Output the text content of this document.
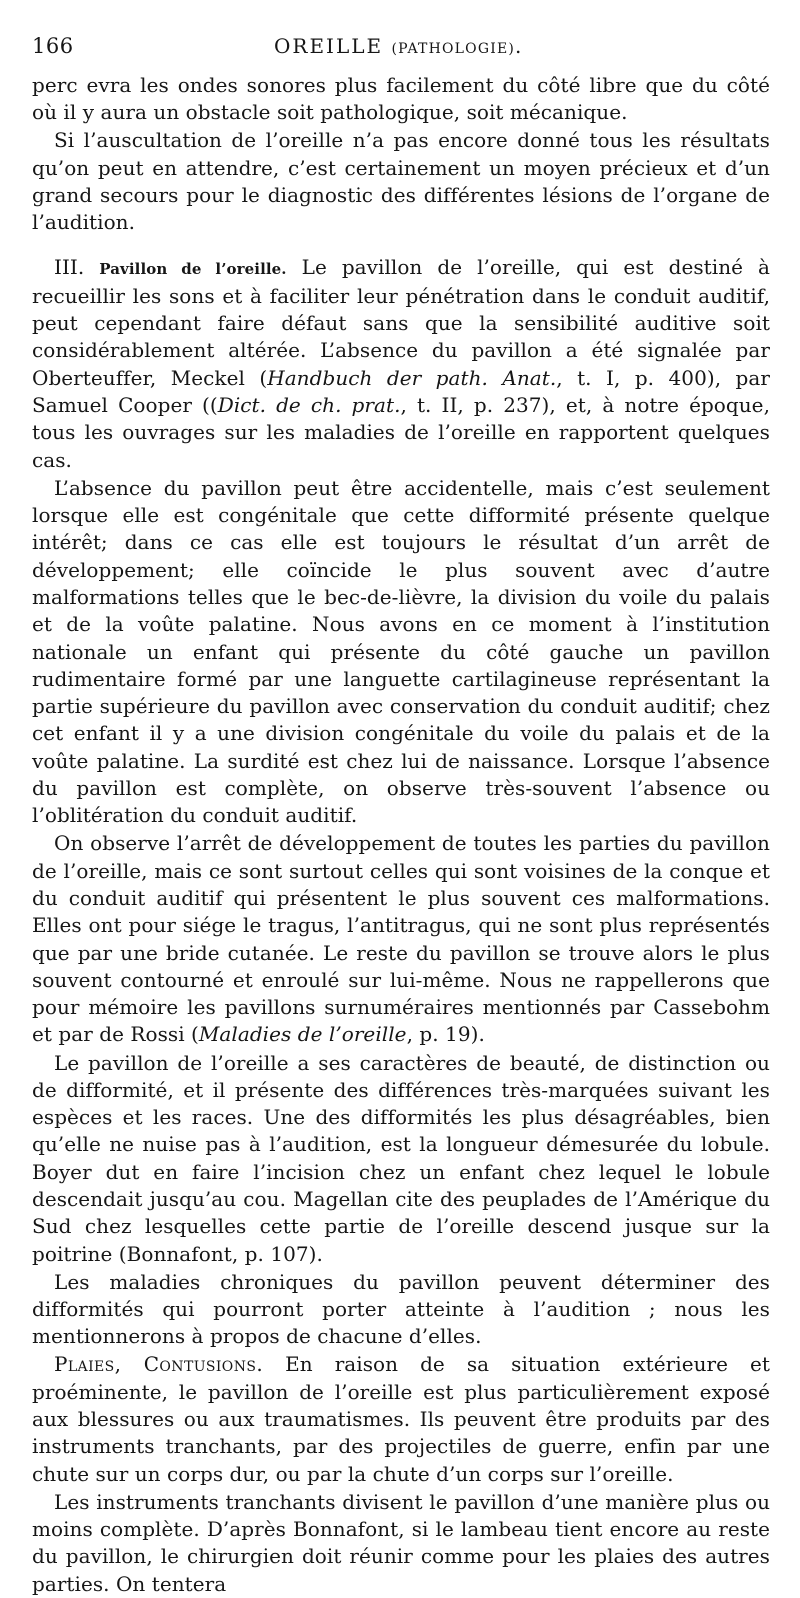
166	OREILLE (PATHOLOGIE).

perc evra les ondes sonores plus facilement du côté libre que du côté où il y aura un obstacle soit pathologique, soit mécanique.

Si l’auscultation de l’oreille n’a pas encore donné tous les résultats qu’on peut en attendre, c’est certainement un moyen précieux et d’un grand secours pour le diagnostic des différentes lésions de l’organe de l’audition.

III. Pavillon de l’oreille. Le pavillon de l’oreille, qui est destiné à recueillir les sons et à faciliter leur pénétration dans le conduit auditif, peut cependant faire défaut sans que la sensibilité auditive soit considérablement altérée. L’absence du pavillon a été signalée par Oberteuffer, Meckel (Handbuch der path. Anat., t. I, p. 400), par Samuel Cooper ((Dict. de ch. prat., t. II, p. 237), et, à notre époque, tous les ouvrages sur les maladies de l’oreille en rapportent quelques cas.

L’absence du pavillon peut être accidentelle, mais c’est seulement lorsque elle est congénitale que cette difformité présente quelque intérêt; dans ce cas elle est toujours le résultat d’un arrêt de développement; elle coïncide le plus souvent avec d’autre malformations telles que le bec-de-lièvre, la division du voile du palais et de la voûte palatine. Nous avons en ce moment à l’institution nationale un enfant qui présente du côté gauche un pavillon rudimentaire formé par une languette cartilagineuse représentant la partie supérieure du pavillon avec conservation du conduit auditif; chez cet enfant il y a une division congénitale du voile du palais et de la voûte palatine. La surdité est chez lui de naissance. Lorsque l’absence du pavillon est complète, on observe très-souvent l’absence ou l’oblitération du conduit auditif.

On observe l’arrêt de développement de toutes les parties du pavillon de l’oreille, mais ce sont surtout celles qui sont voisines de la conque et du conduit auditif qui présentent le plus souvent ces malformations. Elles ont pour siége le tragus, l’antitragus, qui ne sont plus représentés que par une bride cutanée. Le reste du pavillon se trouve alors le plus souvent contourné et enroulé sur lui-même. Nous ne rappellerons que pour mémoire les pavillons surnuméraires mentionnés par Cassebohm et par de Rossi (Maladies de l’oreille, p. 19).

Le pavillon de l’oreille a ses caractères de beauté, de distinction ou de difformité, et il présente des différences très-marquées suivant les espèces et les races. Une des difformités les plus désagréables, bien qu’elle ne nuise pas à l’audition, est la longueur démesurée du lobule. Boyer dut en faire l’incision chez un enfant chez lequel le lobule descendait jusqu’au cou. Magellan cite des peuplades de l’Amérique du Sud chez lesquelles cette partie de l’oreille descend jusque sur la poitrine (Bonnafont, p. 107).

Les maladies chroniques du pavillon peuvent déterminer des difformités qui pourront porter atteinte à l’audition ; nous les mentionnerons à propos de chacune d’elles.

Plaies, Contusions. En raison de sa situation extérieure et proéminente, le pavillon de l’oreille est plus particulièrement exposé aux blessures ou aux traumatismes. Ils peuvent être produits par des instruments tranchants, par des projectiles de guerre, enfin par une chute sur un corps dur, ou par la chute d’un corps sur l’oreille.

Les instruments tranchants divisent le pavillon d’une manière plus ou moins complète. D’après Bonnafont, si le lambeau tient encore au reste du pavillon, le chirurgien doit réunir comme pour les plaies des autres parties. On tentera
